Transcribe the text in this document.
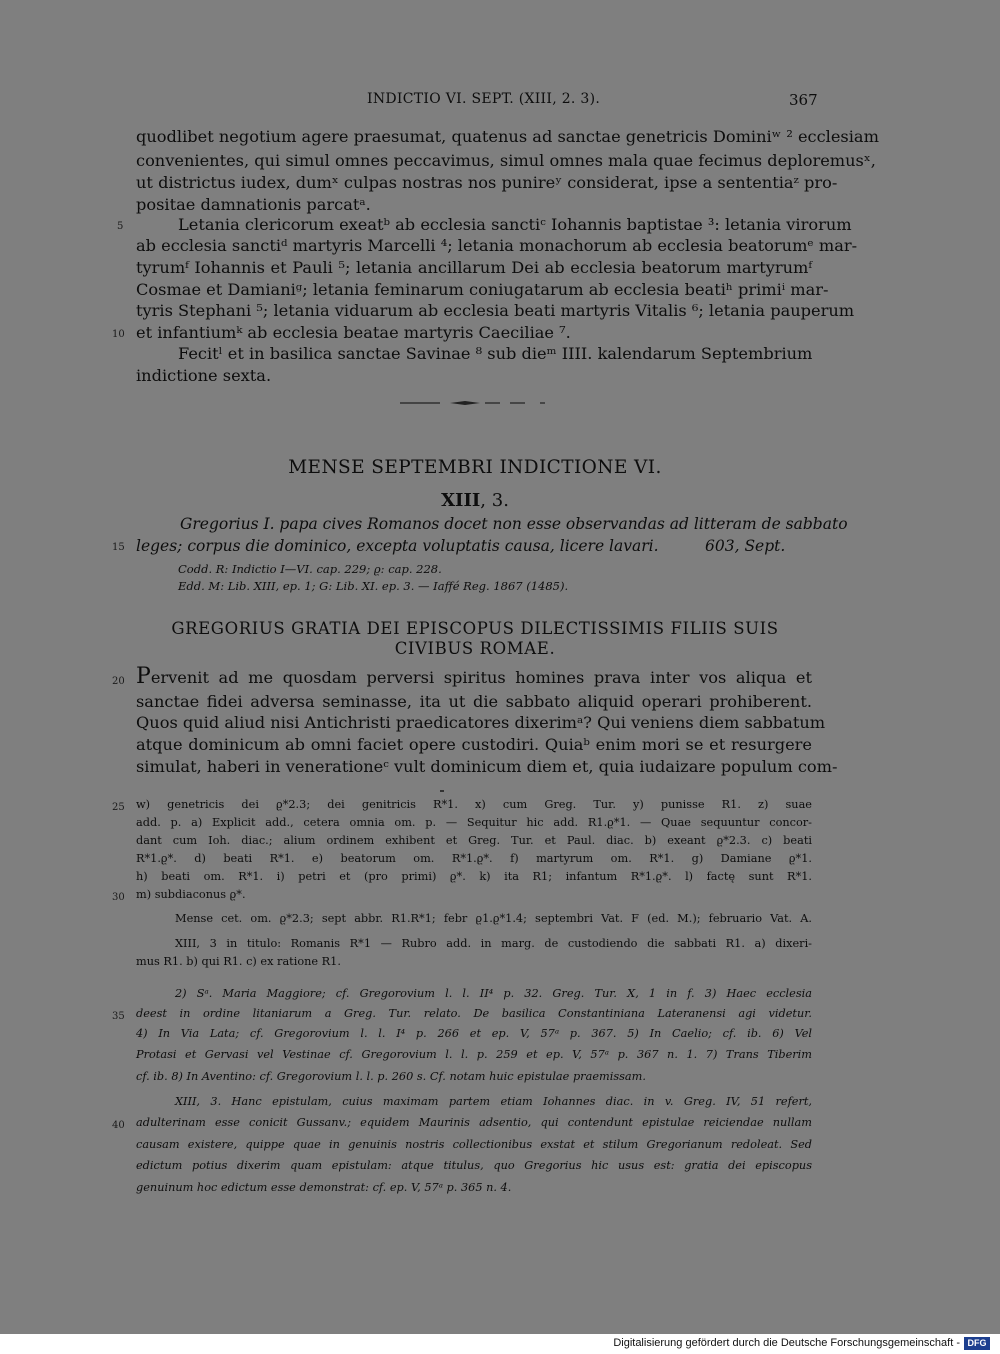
INDICTIO VI. SEPT. (XIII, 2. 3).	367
quodlibet negotium agere praesumat, quatenus ad sanctae genetricis Dominiʷ ² ecclesiam
convenientes, qui simul omnes peccavimus, simul omnes mala quae fecimus deploremusˣ,
ut districtus iudex, dumˣ culpas nostras nos punireʸ considerat, ipse a sententiaᶻ pro-
positae damnationis parcatᵃ.
Letania clericorum exeatᵇ ab ecclesia sanctiᶜ Iohannis baptistae ³: letania virorum
ab ecclesia sanctiᵈ martyris Marcelli ⁴; letania monachorum ab ecclesia beatorumᵉ mar-
tyrumᶠ Iohannis et Pauli ⁵; letania ancillarum Dei ab ecclesia beatorum martyrumᶠ
Cosmae et Damianiᵍ; letania feminarum coniugatarum ab ecclesia beatiʰ primiⁱ mar-
tyris Stephani ⁵; letania viduarum ab ecclesia beati martyris Vitalis ⁶; letania pauperum
et infantiumᵏ ab ecclesia beatae martyris Caeciliae ⁷.
Fecitˡ et in basilica sanctae Savinae ⁸ sub dieᵐ IIII. kalendarum Septembrium
indictione sexta.
5
10
MENSE SEPTEMBRI INDICTIONE VI.
XIII, 3.
Gregorius I. papa cives Romanos docet non esse observandas ad litteram de sabbato
leges; corpus die dominico, excepta voluptatis causa, licere lavari.	603, Sept.
15
Codd. R: Indictio I—VI. cap. 229; ϱ: cap. 228.
Edd. M: Lib. XIII, ep. 1; G: Lib. XI. ep. 3. — Iaffé Reg. 1867 (1485).
GREGORIUS GRATIA DEI EPISCOPUS DILECTISSIMIS FILIIS SUIS
CIVIBUS ROMAE.
20 Pervenit ad me quosdam perversi spiritus homines prava inter vos aliqua et
sanctae fidei adversa seminasse, ita ut die sabbato aliquid operari prohiberent.
Quos quid aliud nisi Antichristi praedicatores dixerimᵃ? Qui veniens diem sabbatum
atque dominicum ab omni faciet opere custodiri. Quiaᵇ enim mori se et resurgere
simulat, haberi in venerationeᶜ vult dominicum diem et, quia iudaizare populum com-
25 w) genetricis dei ϱ*2.3; dei genitricis R*1. x) cum Greg. Tur. y) punisse R1. z) suae
add. p. a) Explicit add., cetera omnia om. p. — Sequitur hic add. R1.ϱ*1. — Quae sequuntur concor-
dant cum Ioh. diac.; alium ordinem exhibent et Greg. Tur. et Paul. diac. b) exeant ϱ*2.3. c) beati
R*1.ϱ*. d) beati R*1. e) beatorum om. R*1.ϱ*. f) martyrum om. R*1. g) Damiane ϱ*1.
h) beati om. R*1. i) petri et (pro primi) ϱ*. k) ita R1; infantum R*1.ϱ*. l) factę sunt R*1.
m) subdiaconus ϱ*.
30
Mense cet. om. ϱ*2.3; sept abbr. R1.R*1; febr ϱ1.ϱ*1.4; septembri Vat. F (ed. M.); februario Vat. A.
XIII, 3 in titulo: Romanis R*1 — Rubro add. in marg. de custodiendo die sabbati R1. a) dixeri-
mus R1. b) qui R1. c) ex ratione R1.
2) Sᵃ. Maria Maggiore; cf. Gregorovium l. l. II⁴ p. 32. Greg. Tur. X, 1 in f. 3) Haec ecclesia
deest in ordine litaniarum a Greg. Tur. relato. De basilica Constantiniana Lateranensi agi videtur.
4) In Via Lata; cf. Gregorovium l. l. I⁴ p. 266 et ep. V, 57ᵃ p. 367. 5) In Caelio; cf. ib. 6) Vel
Protasi et Gervasi vel Vestinae cf. Gregorovium l. l. p. 259 et ep. V, 57ᵃ p. 367 n. 1. 7) Trans Tiberim
cf. ib. 8) In Aventino: cf. Gregorovium l. l. p. 260 s. Cf. notam huic epistulae praemissam.
35
XIII, 3. Hanc epistulam, cuius maximam partem etiam Iohannes diac. in v. Greg. IV, 51 refert,
adulterinam esse conicit Gussanv.; equidem Maurinis adsentio, qui contendunt epistulae reiciendae nullam
causam existere, quippe quae in genuinis nostris collectionibus exstat et stilum Gregorianum redoleat. Sed
edictum potius dixerim quam epistulam: atque titulus, quo Gregorius hic usus est: gratia dei episcopus
genuinum hoc edictum esse demonstrat: cf. ep. V, 57ᵃ p. 365 n. 4.
40
Digitalisierung gefördert durch die Deutsche Forschungsgemeinschaft - DFG
